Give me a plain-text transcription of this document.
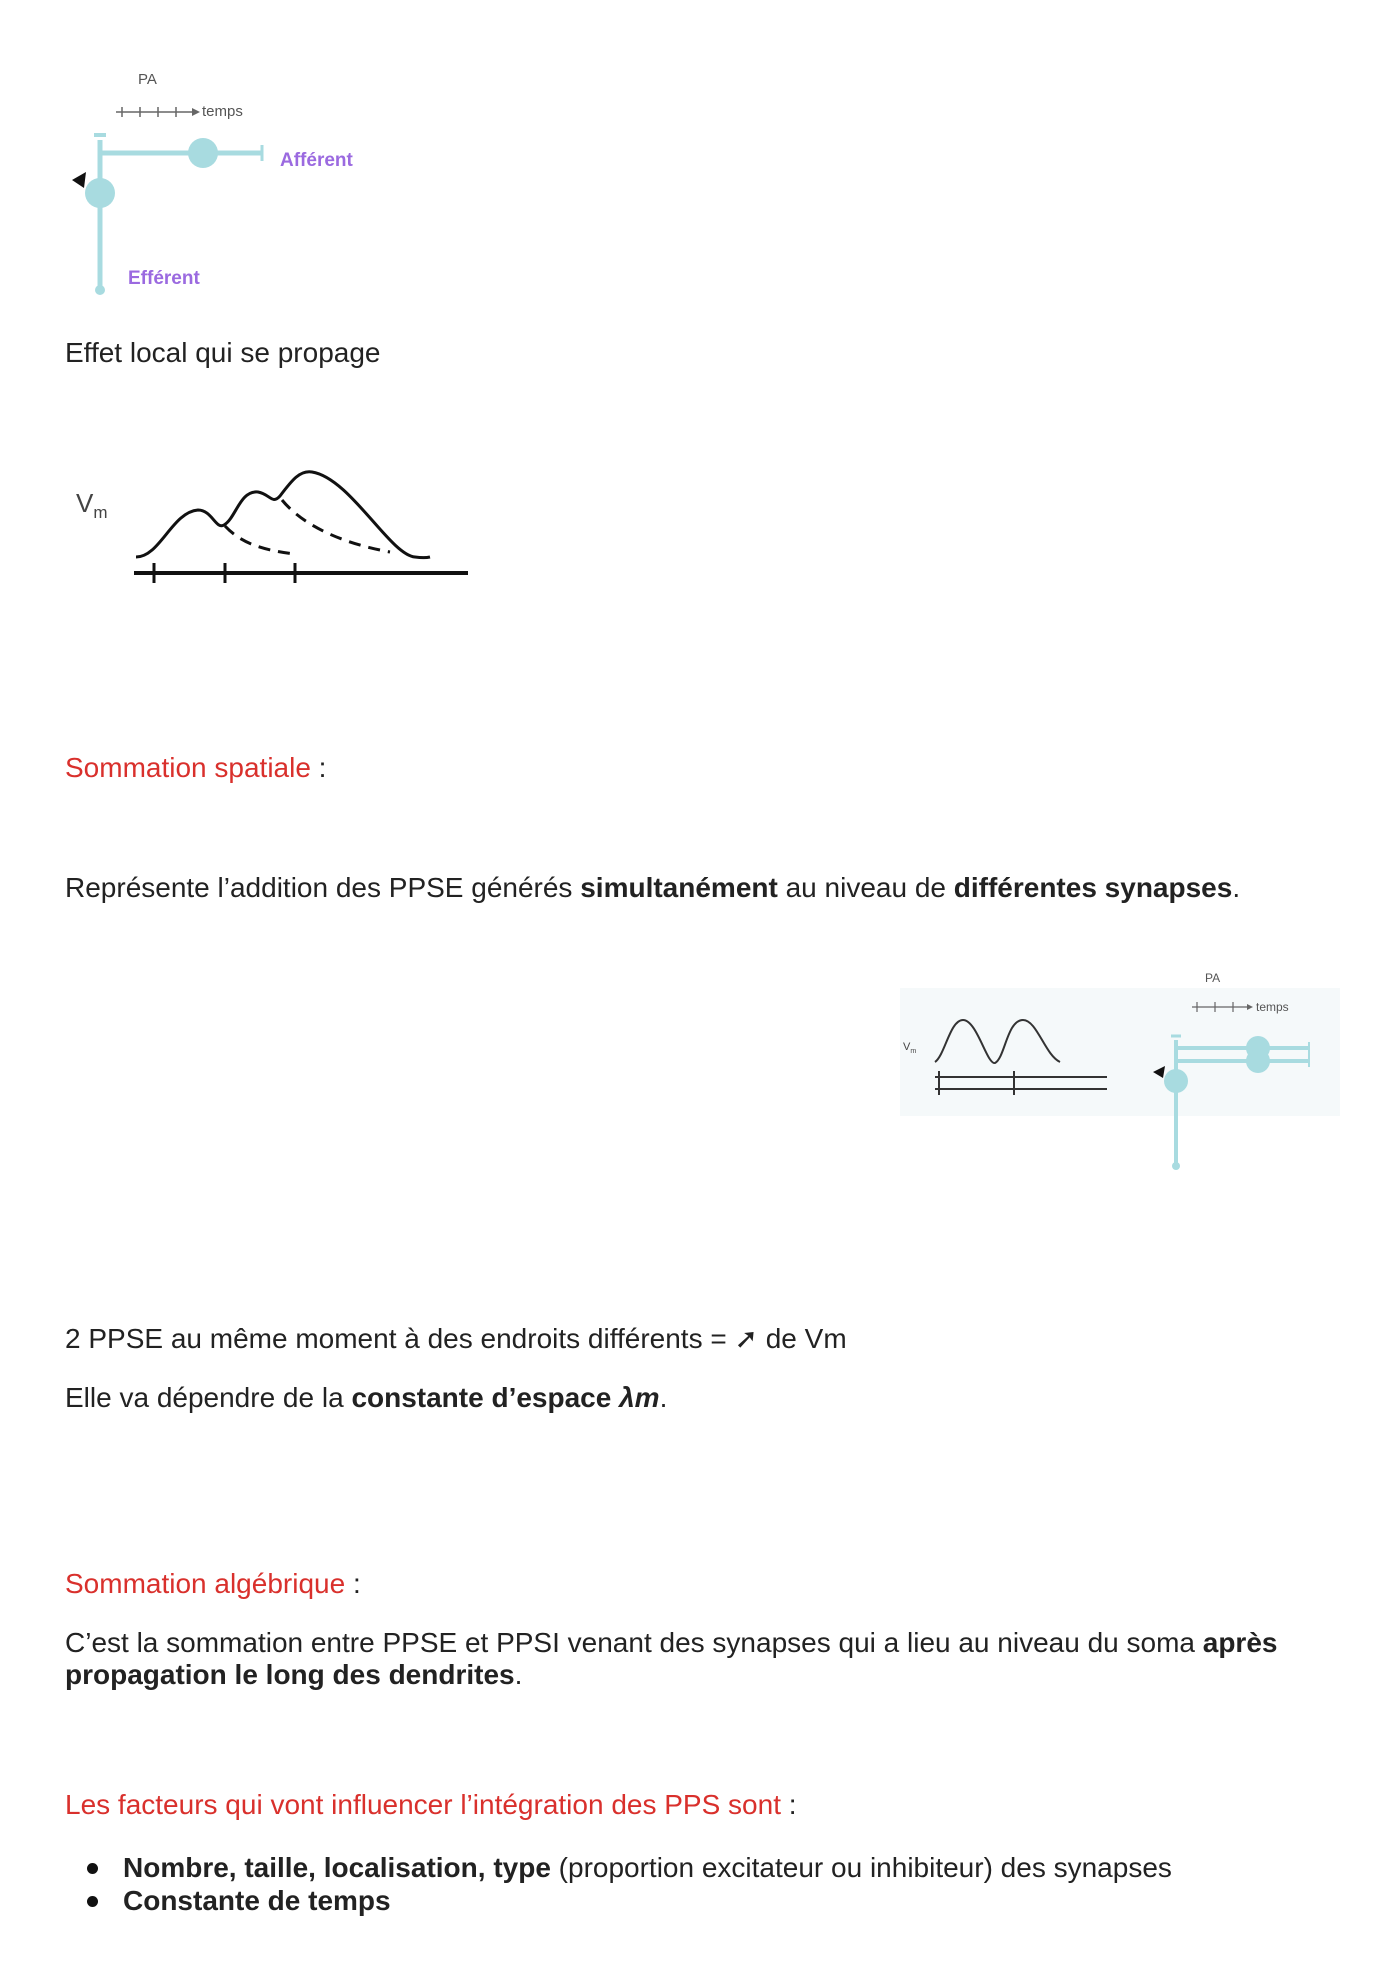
PA
temps
Afférent
Efférent

Effet local qui se propage

$V_m$

Sommation spatiale :

Représente l’addition des PPSE générés simultanément au niveau de différentes synapses.

$V_m$
PA
temps

2 PPSE au même moment à des endroits différents = ➚ de Vm

Elle va dépendre de la constante d’espace λm.

Sommation algébrique :

C’est la sommation entre PPSE et PPSI venant des synapses qui a lieu au niveau du soma après propagation le long des dendrites.

Les facteurs qui vont influencer l’intégration des PPS sont :

Nombre, taille, localisation, type (proportion excitateur ou inhibiteur) des synapses
Constante de temps
